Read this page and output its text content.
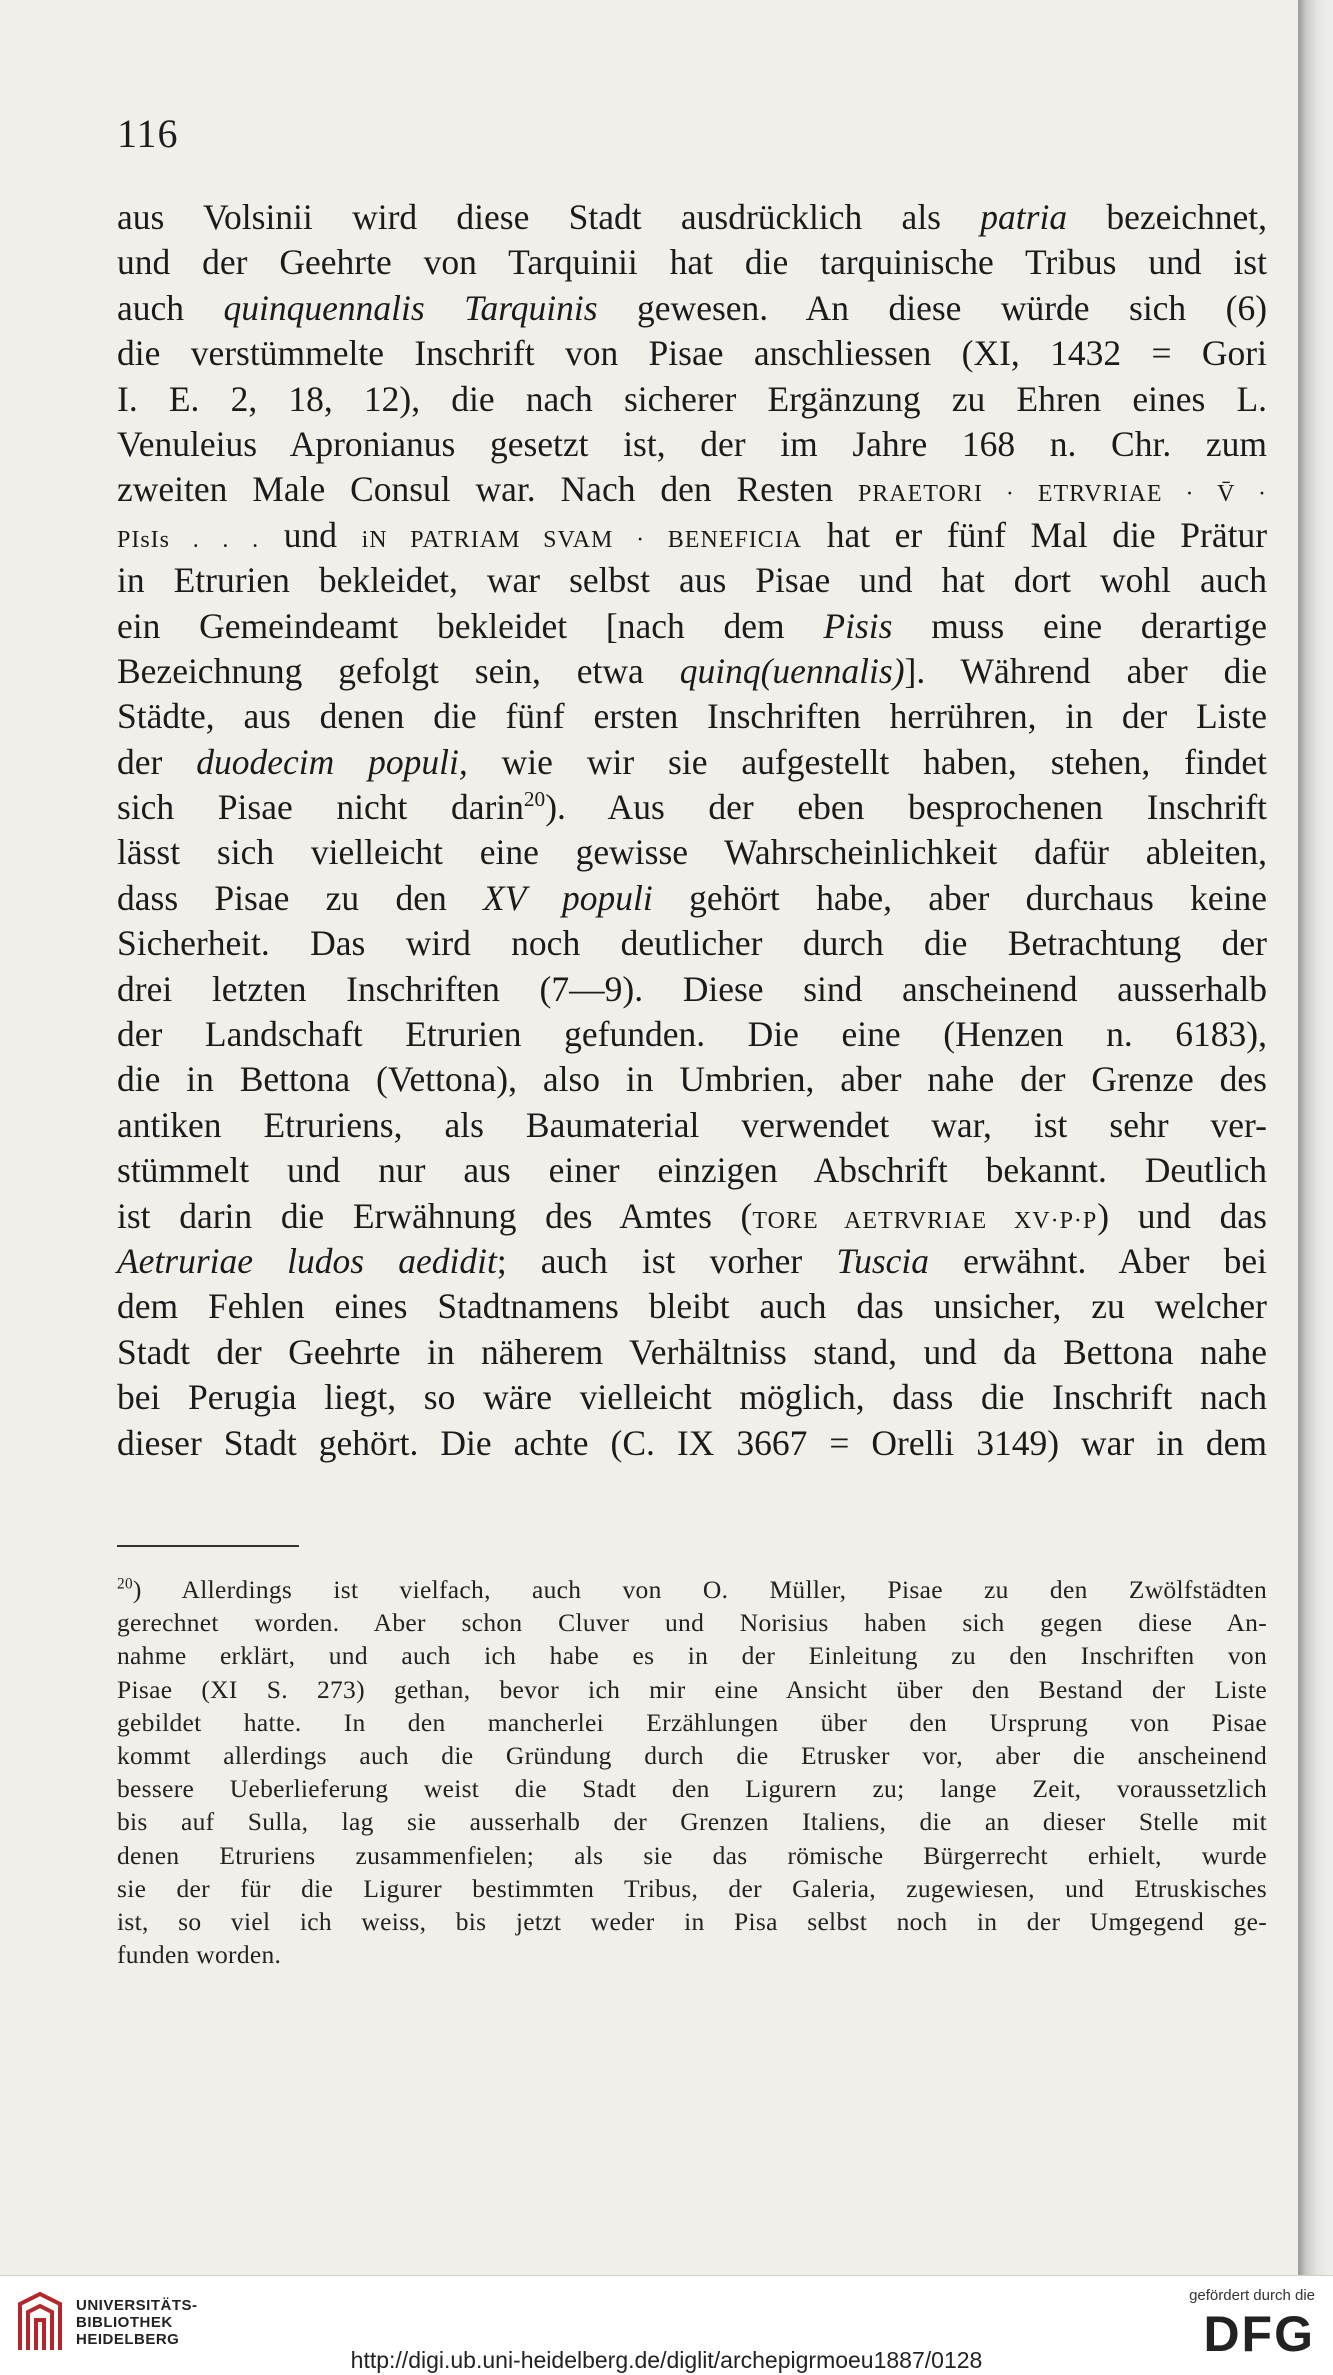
116
aus Volsinii wird diese Stadt ausdrücklich als patria bezeichnet,
und der Geehrte von Tarquinii hat die tarquinische Tribus und ist
auch quinquennalis Tarquinis gewesen. An diese würde sich (6)
die verstümmelte Inschrift von Pisae anschliessen (XI, 1432 = Gori
I. E. 2, 18, 12), die nach sicherer Ergänzung zu Ehren eines L.
Venuleius Apronianus gesetzt ist, der im Jahre 168 n. Chr. zum
zweiten Male Consul war. Nach den Resten PRAETORI · ETRVRIAE · V̄ ·
PIsIs . . . und iN PATRIAM SVAM · BENEFICIA hat er fünf Mal die Prätur
in Etrurien bekleidet, war selbst aus Pisae und hat dort wohl auch
ein Gemeindeamt bekleidet [nach dem Pisis muss eine derartige
Bezeichnung gefolgt sein, etwa quinq(uennalis)]. Während aber die
Städte, aus denen die fünf ersten Inschriften herrühren, in der Liste
der duodecim populi, wie wir sie aufgestellt haben, stehen, findet
sich Pisae nicht darin$^{20}$). Aus der eben besprochenen Inschrift
lässt sich vielleicht eine gewisse Wahrscheinlichkeit dafür ableiten,
dass Pisae zu den XV populi gehört habe, aber durchaus keine
Sicherheit. Das wird noch deutlicher durch die Betrachtung der
drei letzten Inschriften (7—9). Diese sind anscheinend ausserhalb
der Landschaft Etrurien gefunden. Die eine (Henzen n. 6183),
die in Bettona (Vettona), also in Umbrien, aber nahe der Grenze des
antiken Etruriens, als Baumaterial verwendet war, ist sehr ver-
stümmelt und nur aus einer einzigen Abschrift bekannt. Deutlich
ist darin die Erwähnung des Amtes (TORE AETRVRIAE XV·P·P) und das
Aetruriae ludos aedidit; auch ist vorher Tuscia erwähnt. Aber bei
dem Fehlen eines Stadtnamens bleibt auch das unsicher, zu welcher
Stadt der Geehrte in näherem Verhältniss stand, und da Bettona nahe
bei Perugia liegt, so wäre vielleicht möglich, dass die Inschrift nach
dieser Stadt gehört. Die achte (C. IX 3667 = Orelli 3149) war in dem
$^{20}$) Allerdings ist vielfach, auch von O. Müller, Pisae zu den Zwölfstädten
gerechnet worden. Aber schon Cluver und Norisius haben sich gegen diese An-
nahme erklärt, und auch ich habe es in der Einleitung zu den Inschriften von
Pisae (XI S. 273) gethan, bevor ich mir eine Ansicht über den Bestand der Liste
gebildet hatte. In den mancherlei Erzählungen über den Ursprung von Pisae
kommt allerdings auch die Gründung durch die Etrusker vor, aber die anscheinend
bessere Ueberlieferung weist die Stadt den Ligurern zu; lange Zeit, voraussetzlich
bis auf Sulla, lag sie ausserhalb der Grenzen Italiens, die an dieser Stelle mit
denen Etruriens zusammenfielen; als sie das römische Bürgerrecht erhielt, wurde
sie der für die Ligurer bestimmten Tribus, der Galeria, zugewiesen, und Etruskisches
ist, so viel ich weiss, bis jetzt weder in Pisa selbst noch in der Umgegend ge-
funden worden.
UNIVERSITÄTS-
BIBLIOTHEK
HEIDELBERG
http://digi.ub.uni-heidelberg.de/diglit/archepigrmoeu1887/0128
gefördert durch die
DFG
